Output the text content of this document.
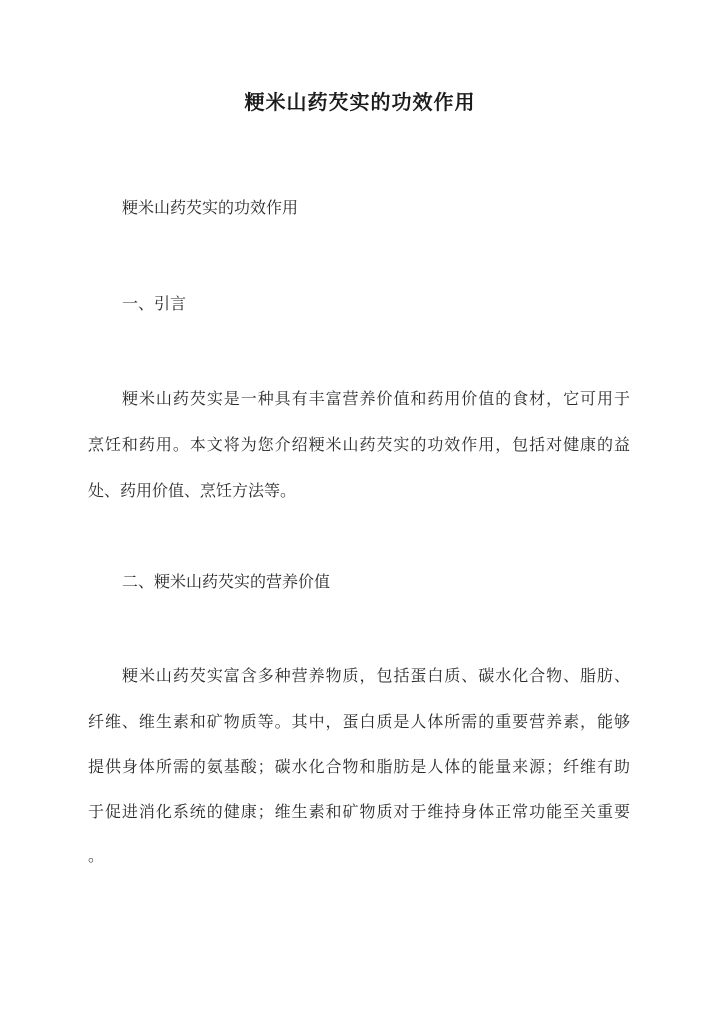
粳米山药芡实的功效作用
粳米山药芡实的功效作用
一、引言
粳米山药芡实是一种具有丰富营养价值和药用价值的食材，它可用于
烹饪和药用。本文将为您介绍粳米山药芡实的功效作用，包括对健康的益
处、药用价值、烹饪方法等。
二、粳米山药芡实的营养价值
粳米山药芡实富含多种营养物质，包括蛋白质、碳水化合物、脂肪、
纤维、维生素和矿物质等。其中，蛋白质是人体所需的重要营养素，能够
提供身体所需的氨基酸；碳水化合物和脂肪是人体的能量来源；纤维有助
于促进消化系统的健康；维生素和矿物质对于维持身体正常功能至关重要
。
